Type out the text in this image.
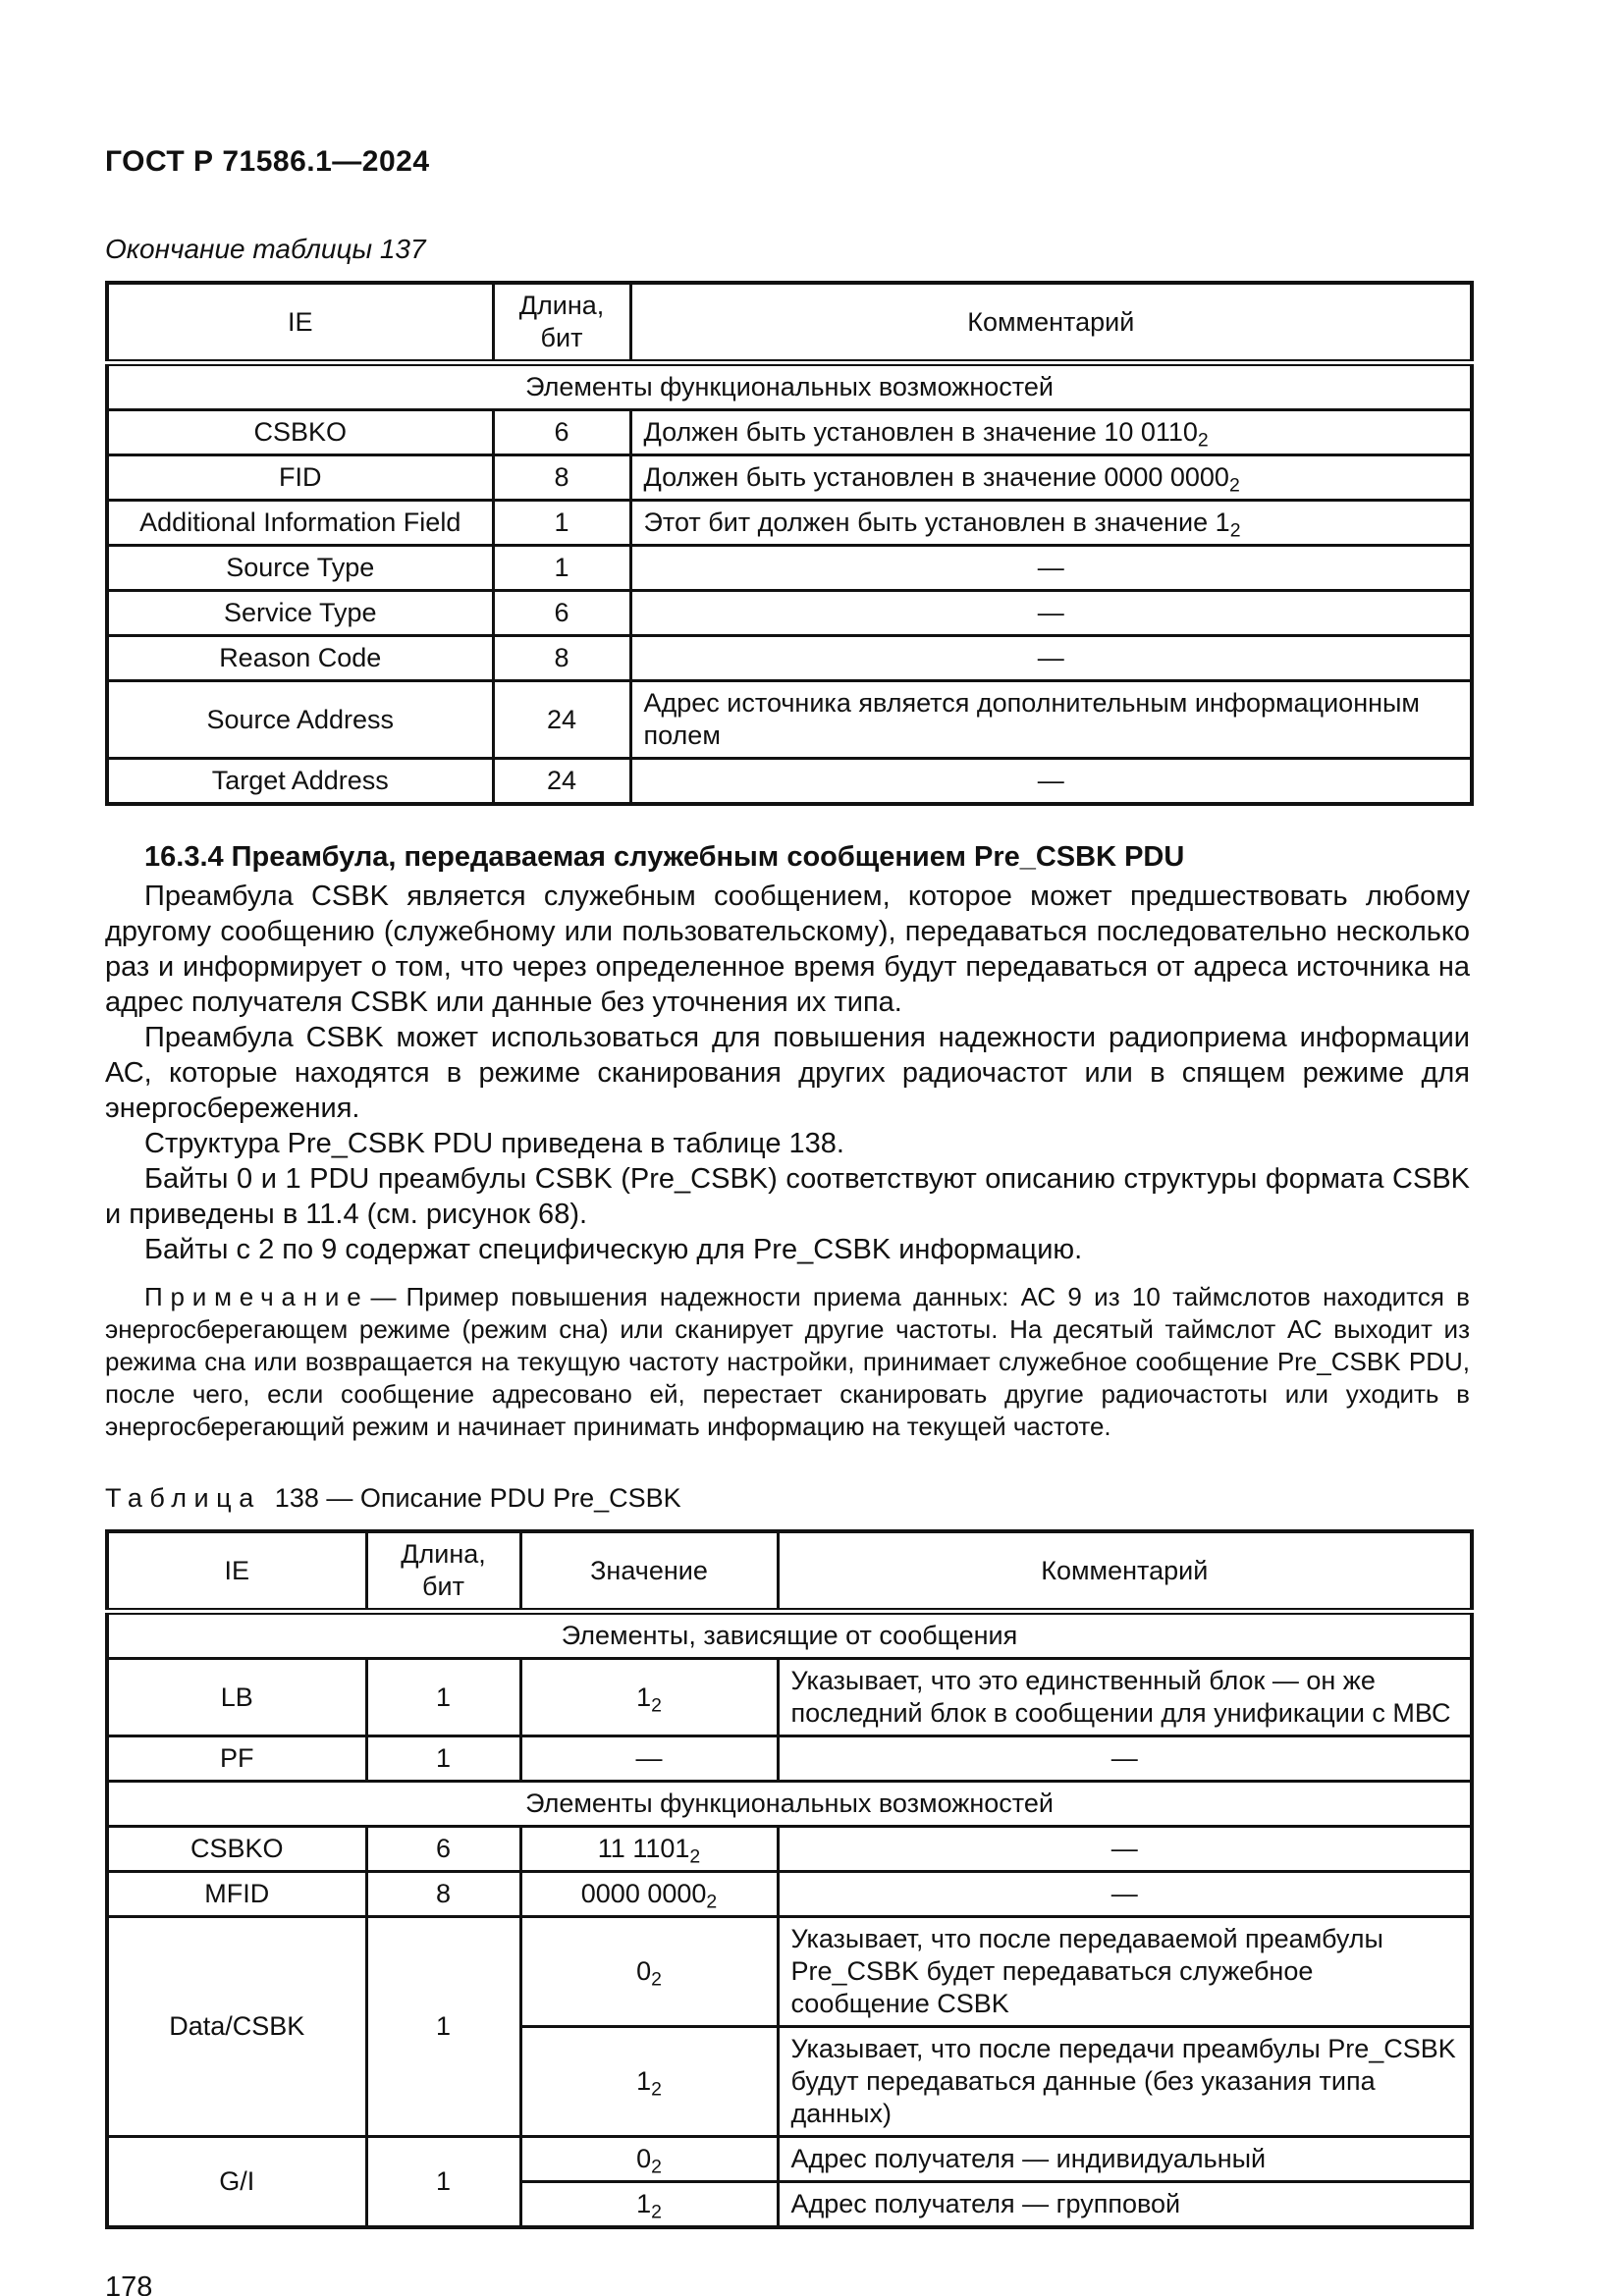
ГОСТ Р 71586.1—2024
Окончание таблицы 137
IE	Длина, бит	Комментарий
Элементы функциональных возможностей		
CSBKO	6	Должен быть установлен в значение 10 $0110_2$
FID	8	Должен быть установлен в значение 0000 $0000_2$
Additional Information Field	1	Этот бит должен быть установлен в значение $1_2$
Source Type	1	—
Service Type	6	—
Reason Code	8	—
Source Address	24	Адрес источника является дополнительным информационным полем
Target Address	24	—
16.3.4 Преамбула, передаваемая служебным сообщением Pre_CSBK PDU

Преамбула CSBK является служебным сообщением, которое может предшествовать любому другому сообщению (служебному или пользовательскому), передаваться последовательно несколько раз и информирует о том, что через определенное время будут передаваться от адреса источника на адрес получателя CSBK или данные без уточнения их типа.

Преамбула CSBK может использоваться для повышения надежности радиоприема информации АС, которые находятся в режиме сканирования других радиочастот или в спящем режиме для энергосбережения.

Структура Pre_CSBK PDU приведена в таблице 138.

Байты 0 и 1 PDU преамбулы CSBK (Pre_CSBK) соответствуют описанию структуры формата CSBK и приведены в 11.4 (см. рисунок 68).

Байты с 2 по 9 содержат специфическую для Pre_CSBK информацию.

Примечание— Пример повышения надежности приема данных: АС 9 из 10 таймслотов находится в энергосберегающем режиме (режим сна) или сканирует другие частоты. На десятый таймслот АС выходит из режима сна или возвращается на текущую частоту настройки, принимает служебное сообщение Pre_CSBK PDU, после чего, если сообщение адресовано ей, перестает сканировать другие радиочастоты или уходить в энергосберегающий режим и начинает принимать информацию на текущей частоте.

Таблица 138 — Описание PDU Pre_CSBK
IE	Длина, бит	Значение	Комментарий
Элементы, зависящие от сообщения			
LB	1	$1_2$	Указывает, что это единственный блок — он же последний блок в сообщении для унификации с МВС
PF	1	—	—
Элементы функциональных возможностей			
CSBKO	6	11 $1101_2$	—
MFID	8	0000 $0000_2$	—
Data/CSBK	1	$0_2$	Указывает, что после передаваемой преамбулы Pre_CSBK будет передаваться служебное сообщение CSBK
		$1_2$	Указывает, что после передачи преамбулы Pre_CSBK будут передаваться данные (без указания типа данных)
G/I	1	$0_2$	Адрес получателя — индивидуальный
		$1_2$	Адрес получателя — групповой
178
